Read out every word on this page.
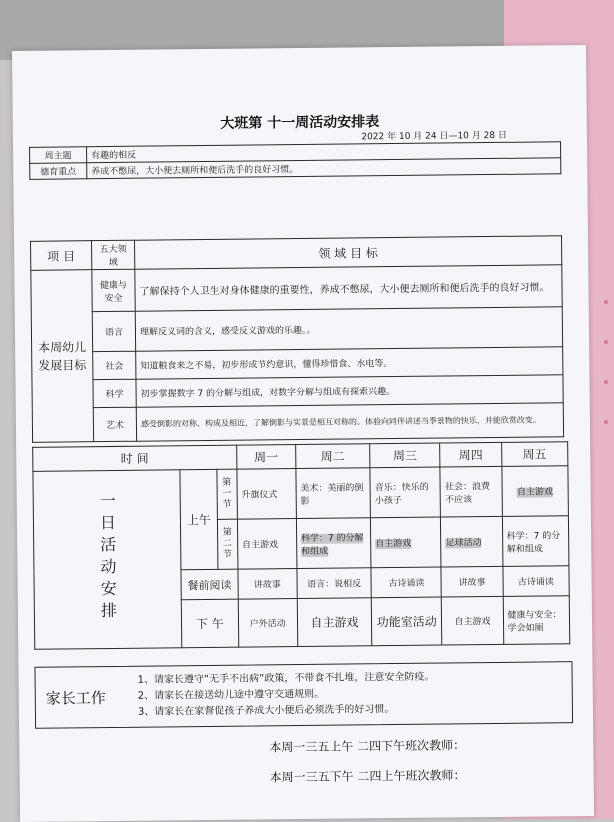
大班第 十一周活动安排表
2022 年 10 月 24 日—10 月 28 日
周主题	有趣的相反
德育重点	养成不憋尿，大小便去厕所和便后洗手的良好习惯。
项 目	五大领域	领 域 目 标
本周幼儿发展目标	健康与安全	了解保持个人卫生对身体健康的重要性，养成不憋尿，大小便去厕所和便后洗手的良好习惯。
	语言	理解反义词的含义，感受反义游戏的乐趣。。
	社会	知道粮食来之不易，初步形成节约意识，懂得珍惜食、水电等。
	科学	初步掌握数字 7 的分解与组成，对数字分解与组成有探索兴趣。
	艺术	感受倒影的对称、构成及相近，了解倒影与实景是相互对称的。体验向同伴讲述当季景物的快乐，并能欣赏改变。
时 间			周一	周二	周三	周四	周五
一日活动安排	上午	第一节	升旗仪式	美术：美丽的倒影	音乐：快乐的小孩子	社会：浪费不应该	自主游戏
		第二节	自主游戏	科学：7 的分解和组成	自主游戏	足球活动	科学：7 的分解和组成
	餐前阅读		讲故事	语言：说相反	古诗诵读	讲故事	古诗诵读
	下 午		户外活动	自主游戏	功能室活动	自主游戏	健康与安全：学会如厕
家长工作
1、请家长遵守“无手不出病”政策，不带食不扎堆，注意安全防疫。
2、请家长在接送幼儿途中遵守交通规则。
3、请家长在家督促孩子养成大小便后必须洗手的好习惯。
本周一三五上午 二四下午班次教师：
本周一三五下午 二四上午班次教师：
